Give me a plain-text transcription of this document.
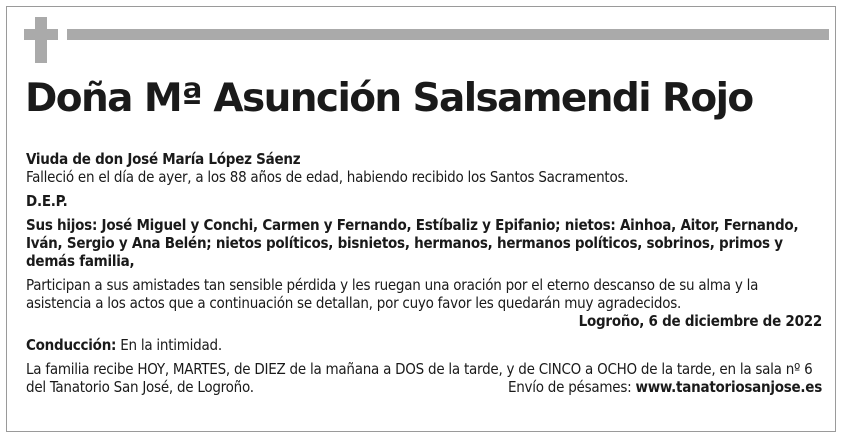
Doña Mª Asunción Salsamendi Rojo

Viuda de don José María López Sáenz

Falleció en el día de ayer, a los 88 años de edad, habiendo recibido los Santos Sacramentos.

D.E.P.

Sus hijos: José Miguel y Conchi, Carmen y Fernando, Estíbaliz y Epifanio; nietos: Ainhoa, Aitor, Fernando, Iván, Sergio y Ana Belén; nietos políticos, bisnietos, hermanos, hermanos políticos, sobrinos, primos y demás familia,

Participan a sus amistades tan sensible pérdida y les ruegan una oración por el eterno descanso de su alma y la asistencia a los actos que a continuación se detallan, por cuyo favor les quedarán muy agradecidos.

Logroño, 6 de diciembre de 2022

Conducción: En la intimidad.

La familia recibe HOY, MARTES, de DIEZ de la mañana a DOS de la tarde, y de CINCO a OCHO de la tarde, en la sala nº 6 del Tanatorio San José, de Logroño.	Envío de pésames: www.tanatoriosanjose.es
